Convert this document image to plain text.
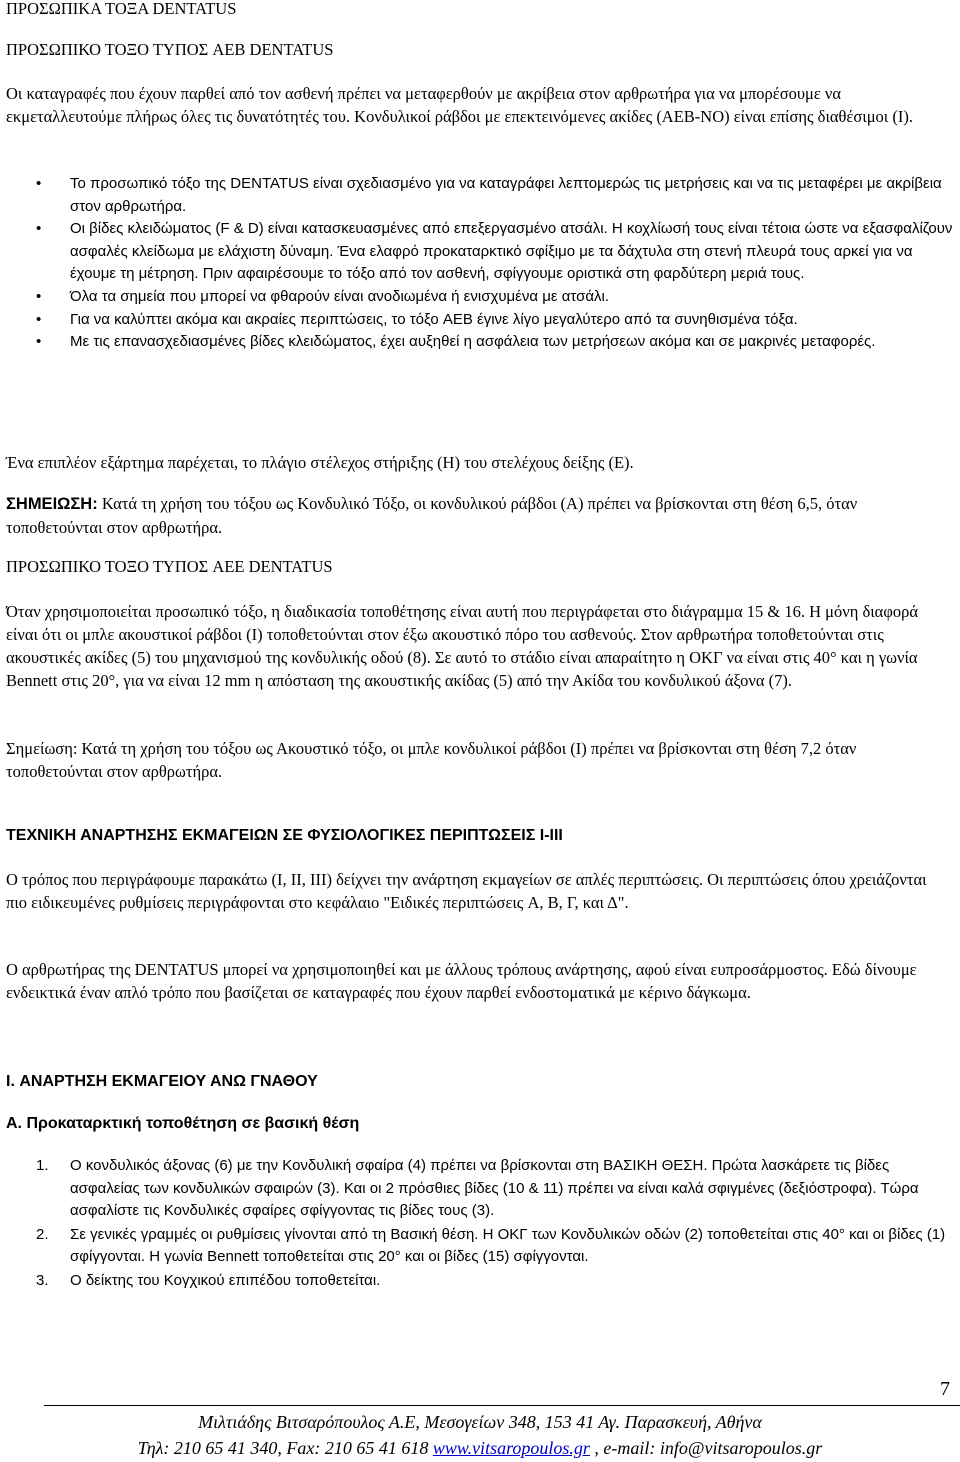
ΠΡΟΣΩΠΙΚΑ ΤΟΞΑ DENTATUS
ΠΡΟΣΩΠΙΚΟ ΤΟΞΟ ΤΥΠΟΣ AEB DENTATUS

Οι καταγραφές που έχουν παρθεί από τον ασθενή πρέπει να μεταφερθούν με ακρίβεια στον αρθρωτήρα για να μπορέσουμε να εκμεταλλευτούμε πλήρως όλες τις δυνατότητές του. Κονδυλικοί ράβδοι με επεκτεινόμενες ακίδες (AEB-NO) είναι επίσης διαθέσιμοι (I).

• Το προσωπικό τόξο της DENTATUS είναι σχεδιασμένο για να καταγράφει λεπτομερώς τις μετρήσεις και να τις μεταφέρει με ακρίβεια στον αρθρωτήρα.
• Οι βίδες κλειδώματος (F & D) είναι κατασκευασμένες από επεξεργασμένο ατσάλι. Η κοχλίωσή τους είναι τέτοια ώστε να εξασφαλίζουν ασφαλές κλείδωμα με ελάχιστη δύναμη. Ένα ελαφρό προκαταρκτικό σφίξιμο με τα δάχτυλα στη στενή πλευρά τους αρκεί για να έχουμε τη μέτρηση. Πριν αφαιρέσουμε το τόξο από τον ασθενή, σφίγγουμε οριστικά στη φαρδύτερη μεριά τους.
• Όλα τα σημεία που μπορεί να φθαρούν είναι ανοδιωμένα ή ενισχυμένα με ατσάλι.
• Για να καλύπτει ακόμα και ακραίες περιπτώσεις, το τόξο AEB έγινε λίγο μεγαλύτερο από τα συνηθισμένα τόξα.
• Με τις επανασχεδιασμένες βίδες κλειδώματος, έχει αυξηθεί η ασφάλεια των μετρήσεων ακόμα και σε μακρινές μεταφορές.

Ένα επιπλέον εξάρτημα παρέχεται, το πλάγιο στέλεχος στήριξης (H) του στελέχους δείξης (E).

ΣΗΜΕΙΩΣΗ: Κατά τη χρήση του τόξου ως Κονδυλικό Τόξο, οι κονδυλικού ράβδοι (A) πρέπει να βρίσκονται στη θέση 6,5, όταν τοποθετούνται στον αρθρωτήρα.

ΠΡΟΣΩΠΙΚΟ ΤΟΞΟ ΤΥΠΟΣ AEE DENTATUS

Όταν χρησιμοποιείται προσωπικό τόξο, η διαδικασία τοποθέτησης είναι αυτή που περιγράφεται στο διάγραμμα 15 & 16. Η μόνη διαφορά είναι ότι οι μπλε ακουστικοί ράβδοι (I) τοποθετούνται στον έξω ακουστικό πόρο του ασθενούς. Στον αρθρωτήρα τοποθετούνται στις ακουστικές ακίδες (5) του μηχανισμού της κονδυλικής οδού (8). Σε αυτό το στάδιο είναι απαραίτητο η ΟΚΓ να είναι στις 40° και η γωνία Bennett στις 20°, για να είναι 12 mm η απόσταση της ακουστικής ακίδας (5) από την Ακίδα του κονδυλικού άξονα (7).

Σημείωση: Κατά τη χρήση του τόξου ως Ακουστικό τόξο, οι μπλε κονδυλικοί ράβδοι (I) πρέπει να βρίσκονται στη θέση 7,2 όταν τοποθετούνται στον αρθρωτήρα.

ΤΕΧΝΙΚΗ ΑΝΑΡΤΗΣΗΣ ΕΚΜΑΓΕΙΩΝ ΣΕ ΦΥΣΙΟΛΟΓΙΚΕΣ ΠΕΡΙΠΤΩΣΕΙΣ I-III

Ο τρόπος που περιγράφουμε παρακάτω (I, II, III) δείχνει την ανάρτηση εκμαγείων σε απλές περιπτώσεις. Οι περιπτώσεις όπου χρειάζονται πιο ειδικευμένες ρυθμίσεις περιγράφονται στο κεφάλαιο "Ειδικές περιπτώσεις A, B, Γ, και Δ".

Ο αρθρωτήρας της DENTATUS μπορεί να χρησιμοποιηθεί και με άλλους τρόπους ανάρτησης, αφού είναι ευπροσάρμοστος. Εδώ δίνουμε ενδεικτικά έναν απλό τρόπο που βασίζεται σε καταγραφές που έχουν παρθεί ενδοστοματικά με κέρινο δάγκωμα.

I. ΑΝΑΡΤΗΣΗ ΕΚΜΑΓΕΙΟΥ ΑΝΩ ΓΝΑΘΟΥ
A. Προκαταρκτική τοποθέτηση σε βασική θέση
1. Ο κονδυλικός άξονας (6) με την Κονδυλική σφαίρα (4) πρέπει να βρίσκονται στη ΒΑΣΙΚΗ ΘΕΣΗ. Πρώτα λασκάρετε τις βίδες ασφαλείας των κονδυλικών σφαιρών (3). Και οι 2 πρόσθιες βίδες (10 & 11) πρέπει να είναι καλά σφιγμένες (δεξιόστροφα). Τώρα ασφαλίστε τις Κονδυλικές σφαίρες σφίγγοντας τις βίδες τους (3).
2. Σε γενικές γραμμές οι ρυθμίσεις γίνονται από τη Βασική θέση. Η ΟΚΓ των Κονδυλικών οδών (2) τοποθετείται στις 40° και οι βίδες (1) σφίγγονται. Η γωνία Bennett τοποθετείται στις 20° και οι βίδες (15) σφίγγονται.
3. Ο δείκτης του Κογχικού επιπέδου τοποθετείται.
7
Μιλτιάδης Βιτσαρόπουλος Α.Ε, Μεσογείων 348, 153 41 Αγ. Παρασκευή, Αθήνα
Τηλ: 210 65 41 340, Fax: 210 65 41 618 www.vitsaropoulos.gr , e-mail: info@vitsaropoulos.gr
